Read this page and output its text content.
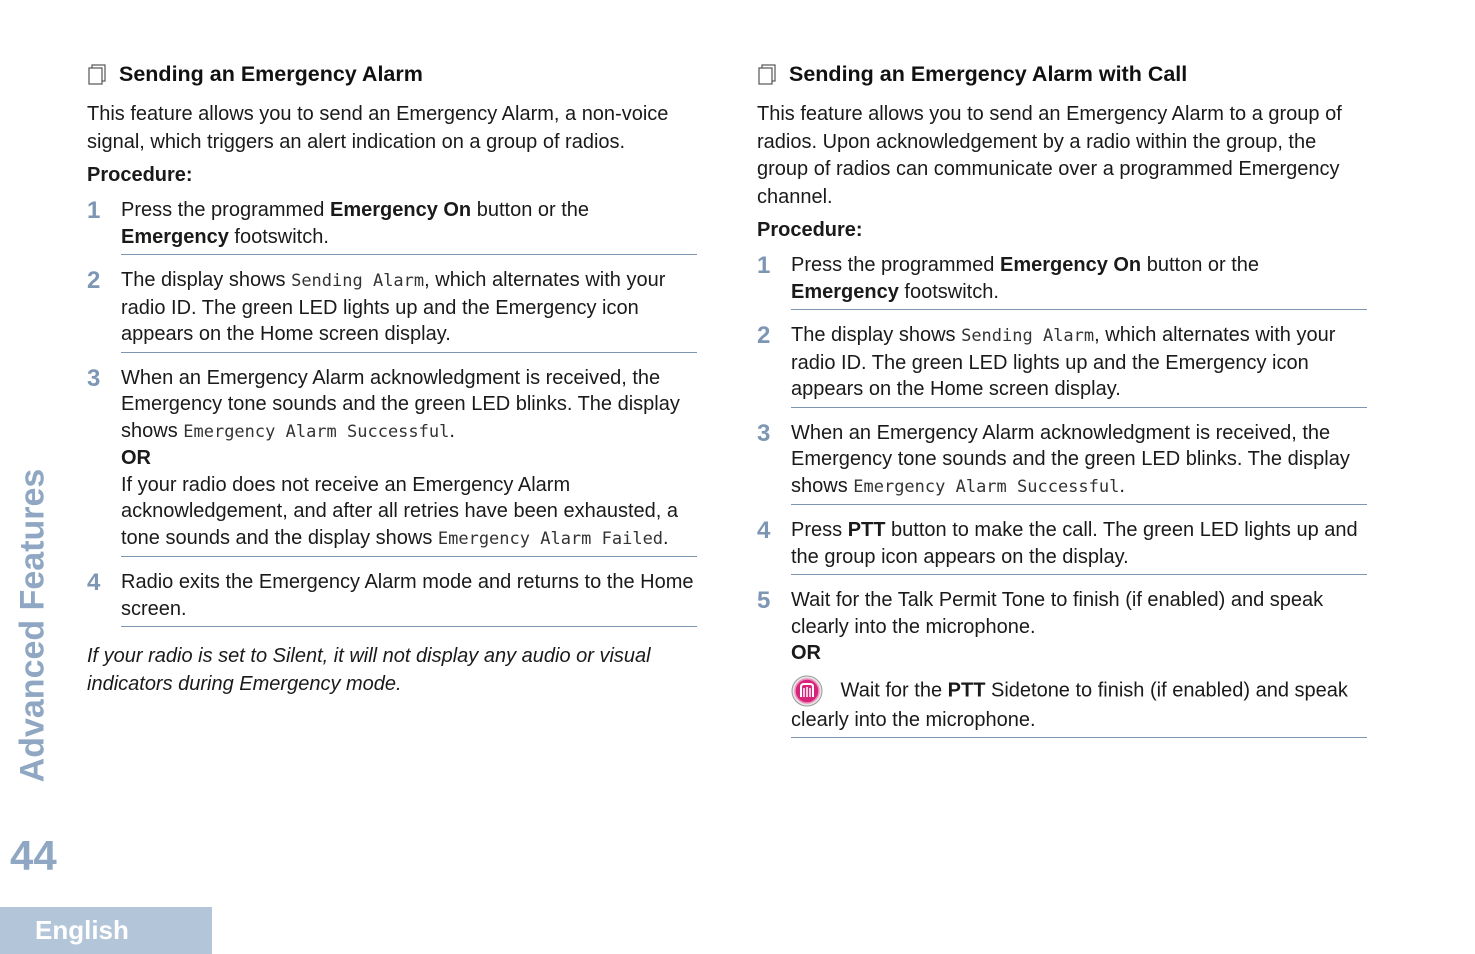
Advanced Features
44
English
Sending an Emergency Alarm

This feature allows you to send an Emergency Alarm, a non-voice signal, which triggers an alert indication on a group of radios.

Procedure:
1	Press the programmed Emergency On button or the Emergency footswitch.
2	The display shows Sending Alarm, which alternates with your radio ID. The green LED lights up and the Emergency icon appears on the Home screen display.
3	When an Emergency Alarm acknowledgment is received, the Emergency tone sounds and the green LED blinks. The display shows Emergency Alarm Successful.
OR
If your radio does not receive an Emergency Alarm acknowledgement, and after all retries have been exhausted, a tone sounds and the display shows Emergency Alarm Failed.
4	Radio exits the Emergency Alarm mode and returns to the Home screen.

If your radio is set to Silent, it will not display any audio or visual indicators during Emergency mode.

Sending an Emergency Alarm with Call

This feature allows you to send an Emergency Alarm to a group of radios. Upon acknowledgement by a radio within the group, the group of radios can communicate over a programmed Emergency channel.

Procedure:
1	Press the programmed Emergency On button or the Emergency footswitch.
2	The display shows Sending Alarm, which alternates with your radio ID. The green LED lights up and the Emergency icon appears on the Home screen display.
3	When an Emergency Alarm acknowledgment is received, the Emergency tone sounds and the green LED blinks. The display shows Emergency Alarm Successful.
4	Press PTT button to make the call. The green LED lights up and the group icon appears on the display.
5	Wait for the Talk Permit Tone to finish (if enabled) and speak clearly into the microphone.
OR
Wait for the PTT Sidetone to finish (if enabled) and speak clearly into the microphone.
